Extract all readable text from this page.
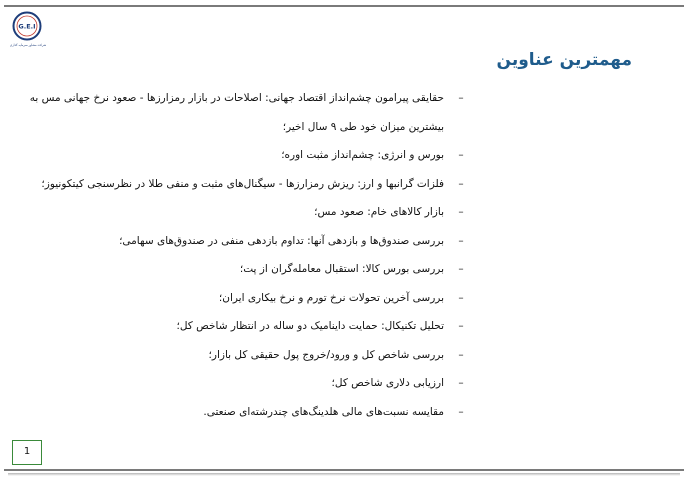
G.E.I
شرکت مشاور سرمایه گذاری
مهمترین عناوین
–
حقایقی پیرامون چشم‌انداز اقتصاد جهانی: اصلاحات در بازار رمزارزها - صعود نرخ جهانی مس به بیشترین میزان خود طی ۹ سال اخیر؛
–
بورس و انرژی: چشم‌انداز مثبت اوره؛
–
فلزات گرانبها و ارز: ریزش رمزارزها - سیگنال‌های مثبت و منفی طلا در نظرسنجی کیتکونیوز؛
–
بازار کالاهای خام: صعود مس؛
–
بررسی صندوق‌ها و بازدهی آنها: تداوم بازدهی منفی در صندوق‌های سهامی؛
–
بررسی بورس کالا: استقبال معامله‌گران از پت؛
–
بررسی آخرین تحولات نرخ تورم و نرخ بیکاری ایران؛
–
تحلیل تکنیکال: حمایت داینامیک دو ساله در انتظار شاخص کل؛
–
بررسی شاخص کل و ورود/خروج پول حقیقی کل بازار؛
–
ارزیابی دلاری شاخص کل؛
–
مقایسه نسبت‌های مالی هلدینگ‌های چندرشته‌ای صنعتی.
1
